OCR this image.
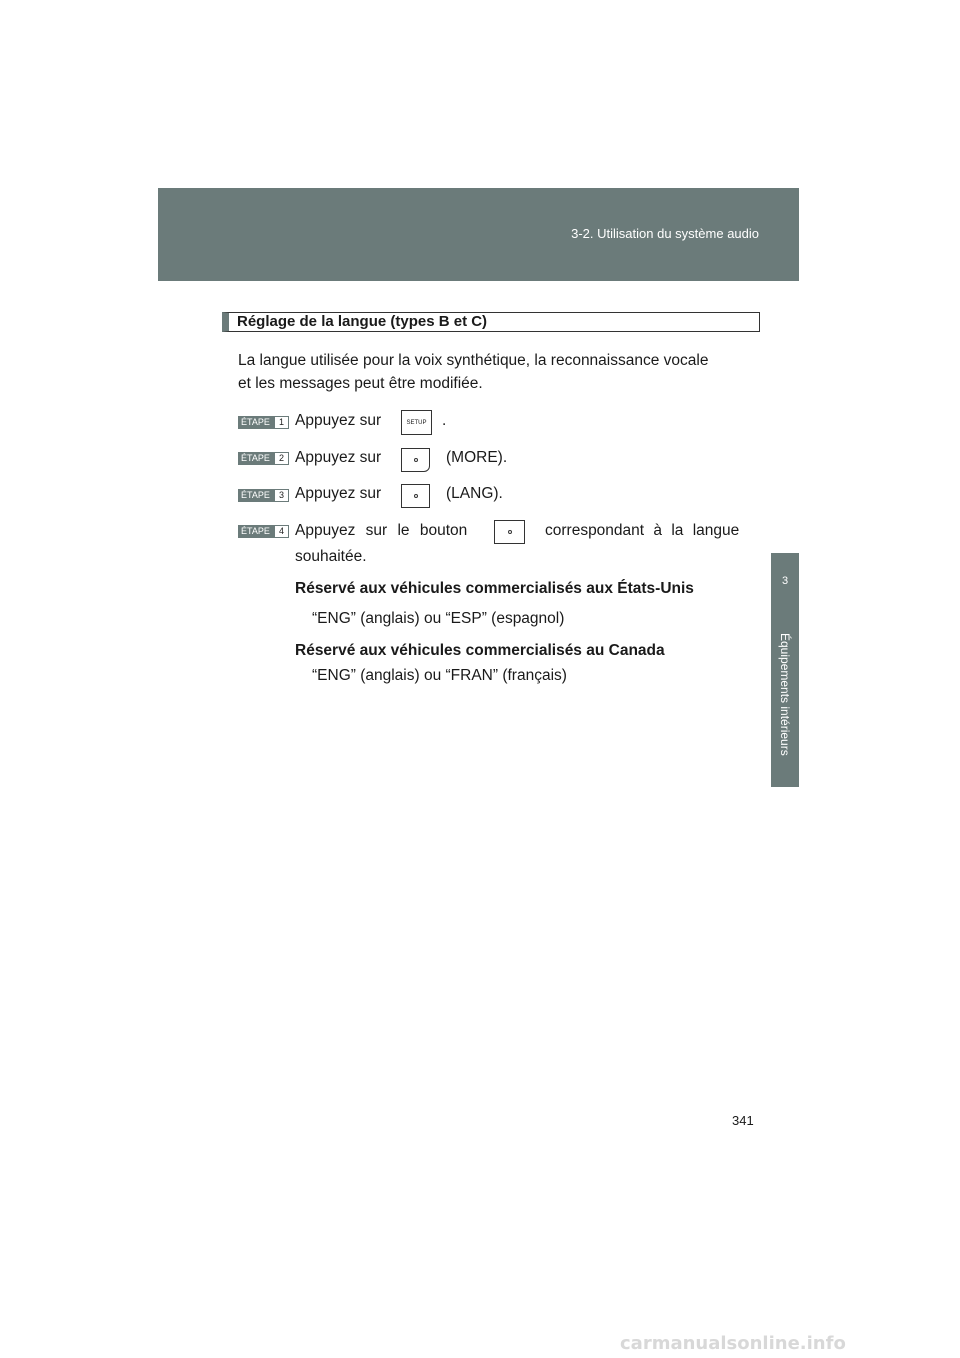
3-2. Utilisation du système audio
3
Équipements intérieurs
Réglage de la langue (types B et C)
La langue utilisée pour la voix synthétique, la reconnaissance vocale
et les messages peut être modifiée.
ÉTAPE	1 Appuyez sur	SETUP	.
ÉTAPE	2 Appuyez sur	(MORE).
ÉTAPE	3 Appuyez sur	(LANG).
ÉTAPE	4 Appuyez sur le bouton	correspondant à la langue
souhaitée.
Réservé aux véhicules commercialisés aux États-Unis
“ENG” (anglais) ou “ESP” (espagnol)
Réservé aux véhicules commercialisés au Canada
“ENG” (anglais) ou “FRAN” (français)
341
carmanualsonline.info
